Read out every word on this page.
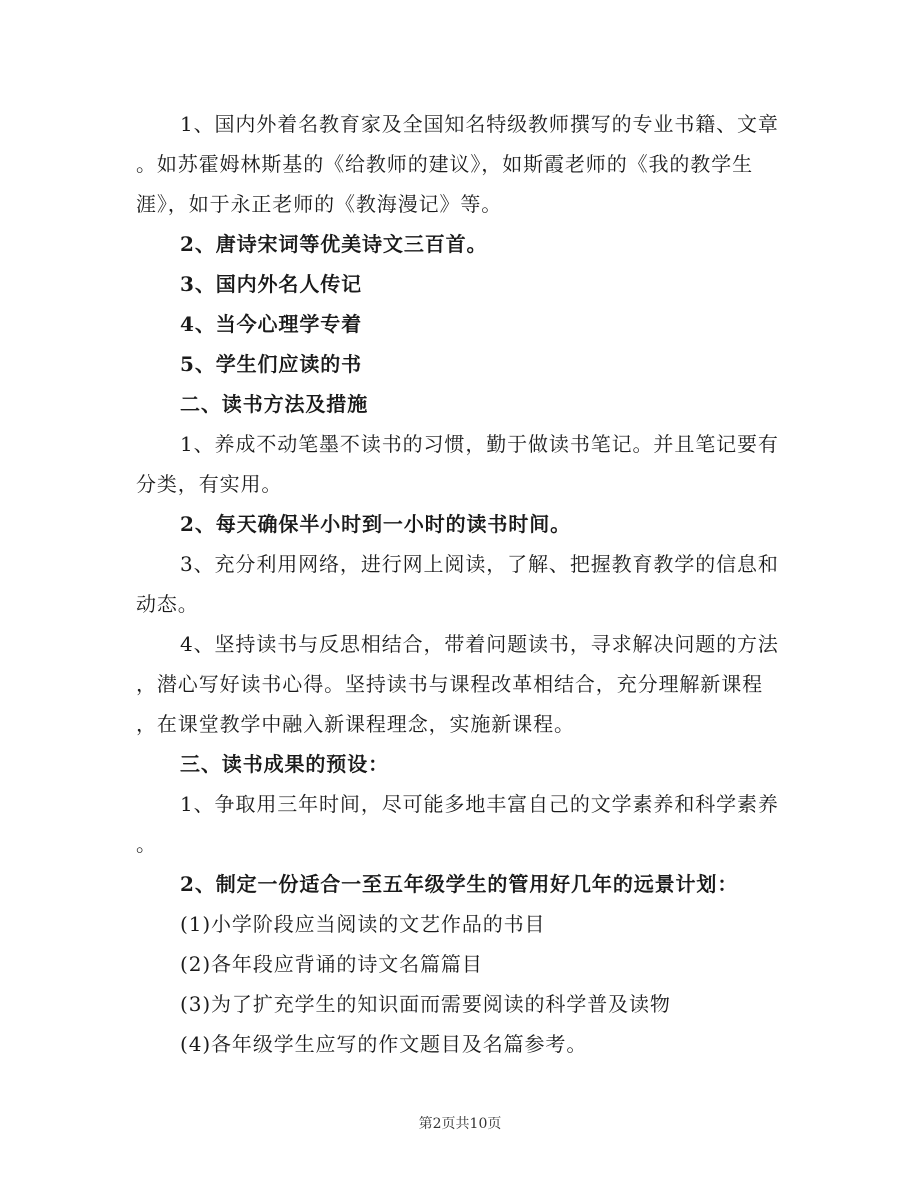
1、国内外着名教育家及全国知名特级教师撰写的专业书籍、文章
。如苏霍姆林斯基的《给教师的建议》，如斯霞老师的《我的教学生
涯》，如于永正老师的《教海漫记》等。
2、唐诗宋词等优美诗文三百首。
3、国内外名人传记
4、当今心理学专着
5、学生们应读的书
二、读书方法及措施
1、养成不动笔墨不读书的习惯，勤于做读书笔记。并且笔记要有
分类，有实用。
2、每天确保半小时到一小时的读书时间。
3、充分利用网络，进行网上阅读，了解、把握教育教学的信息和
动态。
4、坚持读书与反思相结合，带着问题读书，寻求解决问题的方法
，潜心写好读书心得。坚持读书与课程改革相结合，充分理解新课程
，在课堂教学中融入新课程理念，实施新课程。
三、读书成果的预设：
1、争取用三年时间，尽可能多地丰富自己的文学素养和科学素养
。
2、制定一份适合一至五年级学生的管用好几年的远景计划：
(1)小学阶段应当阅读的文艺作品的书目
(2)各年段应背诵的诗文名篇篇目
(3)为了扩充学生的知识面而需要阅读的科学普及读物
(4)各年级学生应写的作文题目及名篇参考。
第2页共10页
